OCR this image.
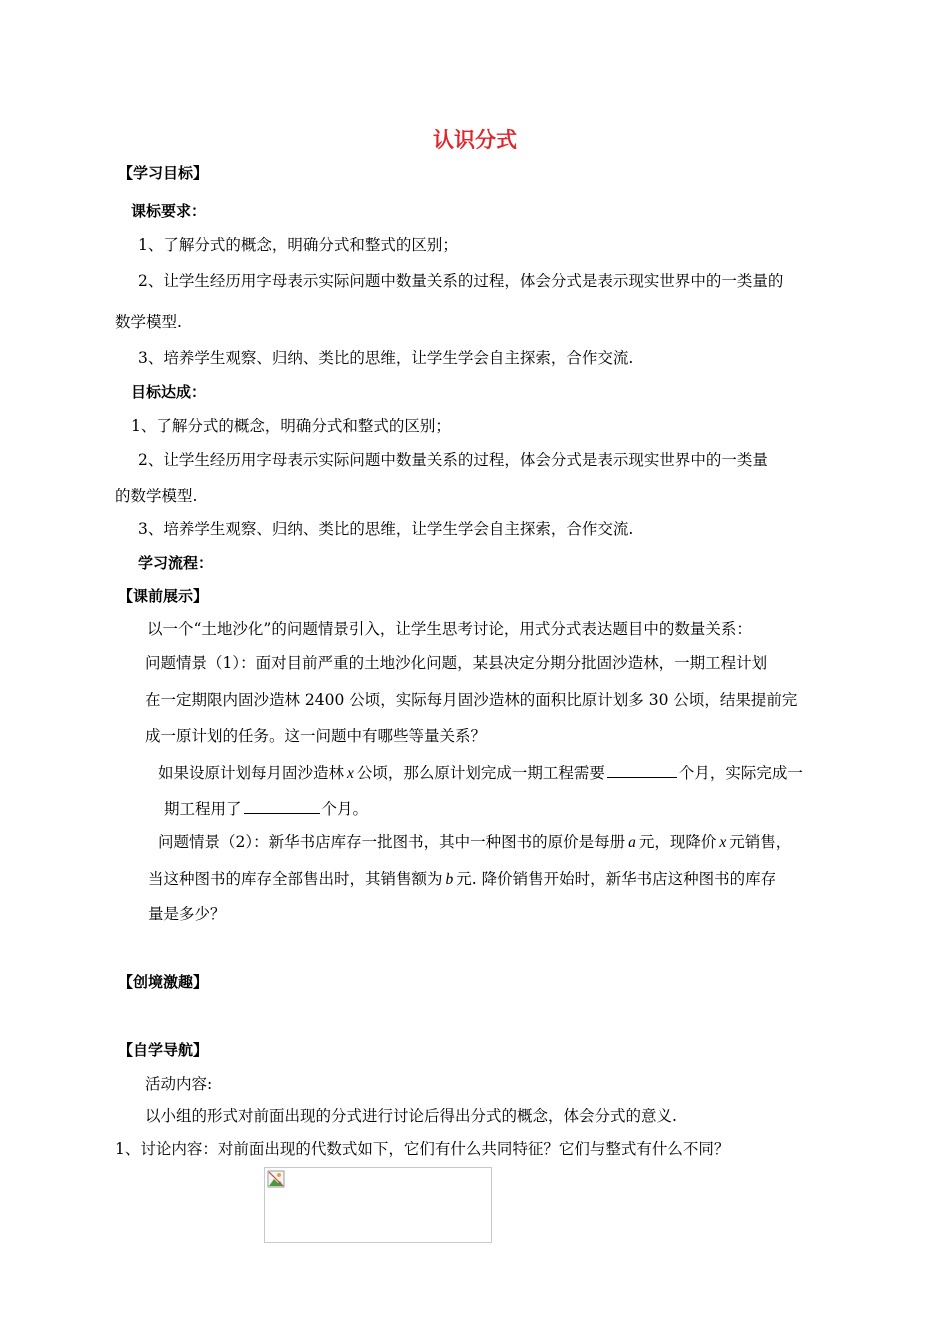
认识分式
【学习目标】
课标要求：
1、了解分式的概念，明确分式和整式的区别；
2、让学生经历用字母表示实际问题中数量关系的过程，体会分式是表示现实世界中的一类量的
数学模型.
3、培养学生观察、归纳、类比的思维，让学生学会自主探索，合作交流.
目标达成：
1、了解分式的概念，明确分式和整式的区别；
2、让学生经历用字母表示实际问题中数量关系的过程，体会分式是表示现实世界中的一类量
的数学模型.
3、培养学生观察、归纳、类比的思维，让学生学会自主探索，合作交流.
学习流程：
【课前展示】
以一个“土地沙化”的问题情景引入，让学生思考讨论，用式分式表达题目中的数量关系：
问题情景（1）：面对目前严重的土地沙化问题，某县决定分期分批固沙造林，一期工程计划
在一定期限内固沙造林 2400 公顷，实际每月固沙造林的面积比原计划多 30 公顷，结果提前完
成一原计划的任务。这一问题中有哪些等量关系？
如果设原计划每月固沙造林 x 公顷，那么原计划完成一期工程需要	个月，实际完成一
期工程用了	个月。
问题情景（2）：新华书店库存一批图书，其中一种图书的原价是每册 a 元，现降价 x 元销售，
当这种图书的库存全部售出时，其销售额为 b 元. 降价销售开始时，新华书店这种图书的库存
量是多少？
【创境激趣】
【自学导航】
活动内容:
以小组的形式对前面出现的分式进行讨论后得出分式的概念，体会分式的意义.
1、讨论内容：对前面出现的代数式如下，它们有什么共同特征？它们与整式有什么不同？
